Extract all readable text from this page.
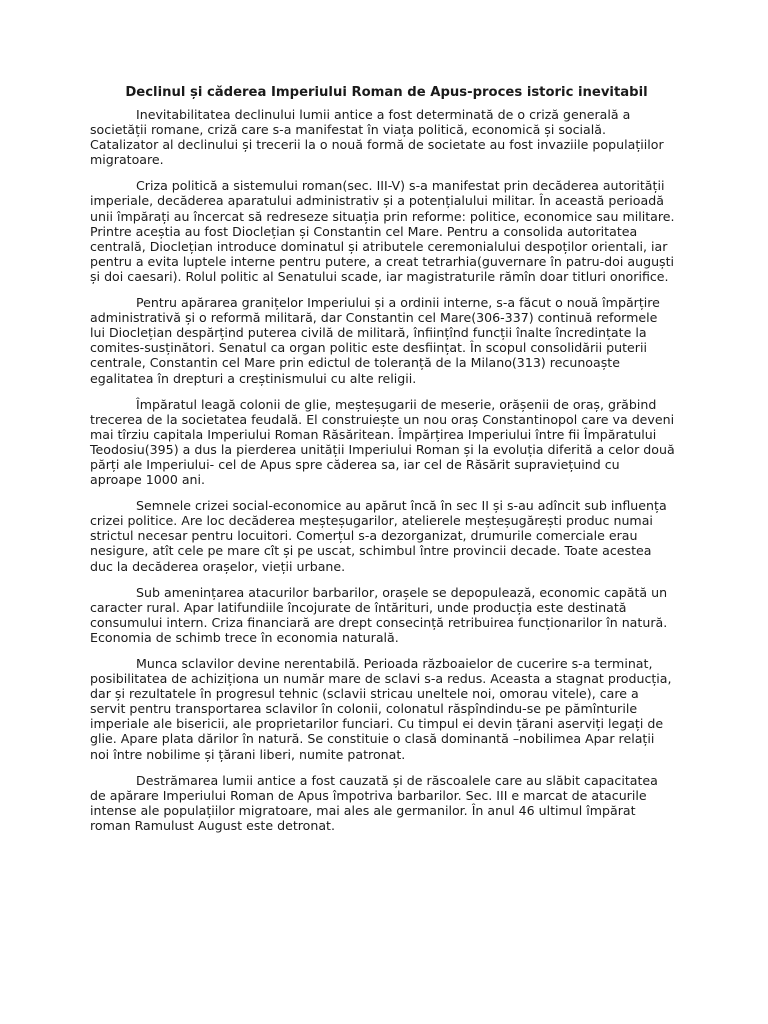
Declinul și căderea Imperiului Roman de Apus-proces istoric inevitabil

Inevitabilitatea declinului lumii antice a fost determinată de o criză generală a societății romane, criză care s-a manifestat în viața politică, economică și socială. Catalizator al declinului și trecerii la o nouă formă de societate au fost invaziile populațiilor migratoare.

Criza politică a sistemului roman(sec. III-V) s-a manifestat prin decăderea autorității imperiale, decăderea aparatului administrativ și a potențialului militar. În această perioadă unii împărați au încercat să redreseze situația prin reforme: politice, economice sau militare. Printre aceștia au fost Dioclețian și Constantin cel Mare. Pentru a consolida autoritatea centrală, Dioclețian introduce dominatul și atributele ceremonialului despoților orientali, iar pentru a evita luptele interne pentru putere, a creat tetrarhia(guvernare în patru-doi auguști și doi caesari). Rolul politic al Senatului scade, iar magistraturile rămîn doar titluri onorifice.

Pentru apărarea granițelor Imperiului și a ordinii interne, s-a făcut o nouă împărțire administrativă și o reformă militară, dar Constantin cel Mare(306-337) continuă reformele lui Dioclețian despărțind puterea civilă de militară, înființînd funcții înalte încredințate la comites-susținători. Senatul ca organ politic este desființat. În scopul consolidării puterii centrale, Constantin cel Mare prin edictul de toleranță de la Milano(313) recunoaște egalitatea în drepturi a creștinismului cu alte religii.

Împăratul leagă colonii de glie, meșteșugarii de meserie, orășenii de oraș, grăbind trecerea de la societatea feudală. El construiește un nou oraș Constantinopol care va deveni mai tîrziu capitala Imperiului Roman Răsăritean. Împărțirea Imperiului între fii Împăratului Teodosiu(395) a dus la pierderea unității Imperiului Roman și la evoluția diferită a celor două părți ale Imperiului- cel de Apus spre căderea sa, iar cel de Răsărit supraviețuind cu aproape 1000 ani.

Semnele crizei social-economice au apărut încă în sec II și s-au adîncit sub influența crizei politice. Are loc decăderea meșteșugarilor, atelierele meșteșugărești produc numai strictul necesar pentru locuitori. Comerțul s-a dezorganizat, drumurile comerciale erau nesigure, atît cele pe mare cît și pe uscat, schimbul între provincii decade. Toate acestea duc la decăderea orașelor, vieții urbane.

Sub amenințarea atacurilor barbarilor, orașele se depopulează, economic capătă un caracter rural. Apar latifundiile încojurate de întărituri, unde producția este destinată consumului intern. Criza financiară are drept consecință retribuirea funcționarilor în natură. Economia de schimb trece în economia naturală.

Munca sclavilor devine nerentabilă. Perioada războaielor de cucerire s-a terminat, posibilitatea de achiziționa un număr mare de sclavi s-a redus. Aceasta a stagnat producția, dar și rezultatele în progresul tehnic (sclavii stricau uneltele noi, omorau vitele), care a servit pentru transportarea sclavilor în colonii, colonatul răspîndindu-se pe pămînturile imperiale ale bisericii, ale proprietarilor funciari. Cu timpul ei devin țărani aserviți legați de glie. Apare plata dărilor în natură. Se constituie o clasă dominantă –nobilimea Apar relații noi între nobilime și țărani liberi, numite patronat.

Destrămarea lumii antice a fost cauzată și de răscoalele care au slăbit capacitatea de apărare Imperiului Roman de Apus împotriva barbarilor. Sec. III e marcat de atacurile intense ale populațiilor migratoare, mai ales ale germanilor. În anul 46 ultimul împărat roman Ramulust August este detronat.
